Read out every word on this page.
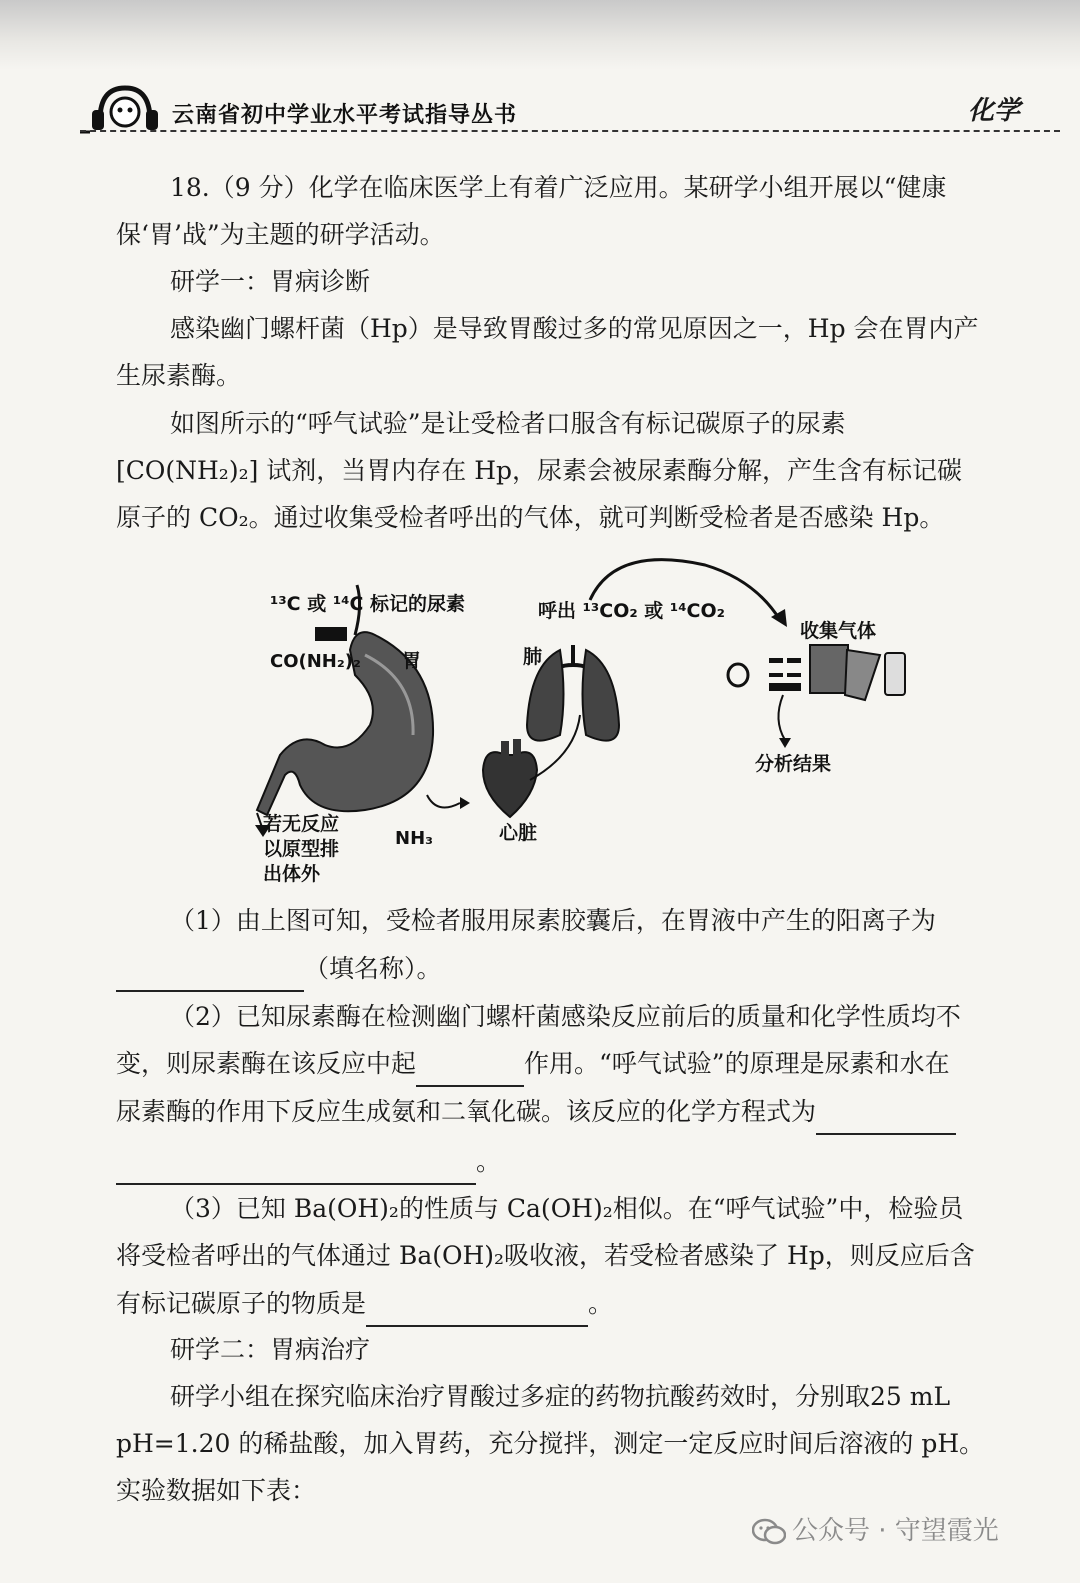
云南省初中学业水平考试指导丛书	化学
18.（9 分）化学在临床医学上有着广泛应用。某研学小组开展以“健康
保‘胃’战”为主题的研学活动。
研学一：胃病诊断
感染幽门螺杆菌（Hp）是导致胃酸过多的常见原因之一，Hp 会在胃内产
生尿素酶。
如图所示的“呼气试验”是让受检者口服含有标记碳原子的尿素
[CO(NH₂)₂] 试剂，当胃内存在 Hp，尿素会被尿素酶分解，产生含有标记碳
原子的 CO₂。通过收集受检者呼出的气体，就可判断受检者是否感染 Hp。
¹³C 或 ¹⁴C 标记的尿素
CO(NH₂)₂ 胃
呼出 ¹³CO₂ 或 ¹⁴CO₂
肺
收集气体
分析结果
心脏
NH₃
若无反应
以原型排
出体外
（1）由上图可知，受检者服用尿素胶囊后，在胃液中产生的阳离子为
（填名称）。
（2）已知尿素酶在检测幽门螺杆菌感染反应前后的质量和化学性质均不
变，则尿素酶在该反应中起	作用。“呼气试验”的原理是尿素和水在
尿素酶的作用下反应生成氨和二氧化碳。该反应的化学方程式为
。
（3）已知 Ba(OH)₂的性质与 Ca(OH)₂相似。在“呼气试验”中，检验员
将受检者呼出的气体通过 Ba(OH)₂吸收液，若受检者感染了 Hp，则反应后含
有标记碳原子的物质是	。
研学二：胃病治疗
研学小组在探究临床治疗胃酸过多症的药物抗酸药效时，分别取25 mL
pH=1.20 的稀盐酸，加入胃药，充分搅拌，测定一定反应时间后溶液的 pH。
实验数据如下表：
公众号 · 守望霞光
